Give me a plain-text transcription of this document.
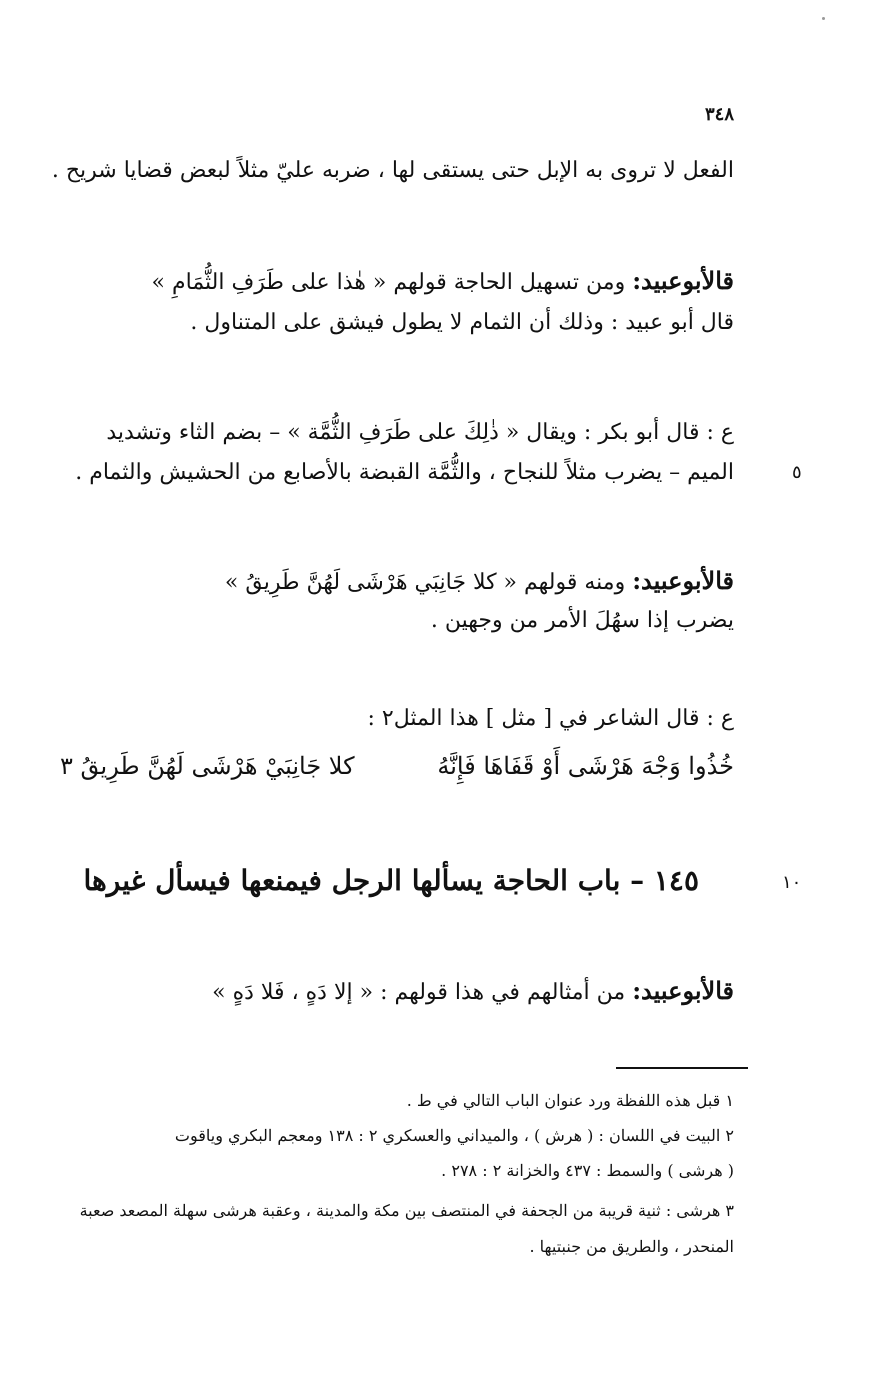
٣٤٨
الفعل لا تروى به الإبل حتى يستقى لها ، ضربه عليّ مثلاً لبعض قضايا شريح .
قالأبوعبيد: ومن تسهيل الحاجة قولهم « هٰذا على طَرَفِ الثُّمَامِ »
قال أبو عبيد : وذلك أن الثمام لا يطول فيشق على المتناول .
ع : قال أبو بكر : ويقال « ذٰلِكَ على طَرَفِ الثُّمَّة » – بضم الثاء وتشديد
الميم – يضرب مثلاً للنجاح ، والثُّمَّة القبضة بالأصابع من الحشيش والثمام .	٥
قالأبوعبيد: ومنه قولهم « كلا جَانِبَي هَرْشَى لَهُنَّ طَرِيقُ »
يضرب إذا سهُلَ الأمر من وجهين .
ع : قال الشاعر في [ مثل ] هذا المثل٢ :
خُذُوا وَجْهَ هَرْشَى أَوْ قَفَاهَا فَإِنَّهُ
كلا جَانِبَيْ هَرْشَى لَهُنَّ طَرِيقُ ٣
١٠
١٤٥ – باب الحاجة يسألها الرجل فيمنعها فيسأل غيرها
قالأبوعبيد: من أمثالهم في هذا قولهم : « إلا دَهٍ ، فَلا دَهٍ »
١ قبل هذه اللفظة ورد عنوان الباب التالي في ط .
٢ البيت في اللسان : ( هرش ) ، والميداني والعسكري ٢ : ١٣٨ ومعجم البكري وياقوت
( هرشى ) والسمط : ٤٣٧ والخزانة ٢ : ٢٧٨ .
٣ هرشى : ثنية قريبة من الجحفة في المنتصف بين مكة والمدينة ، وعقبة هرشى سهلة المصعد صعبة
المنحدر ، والطريق من جنبتيها .
